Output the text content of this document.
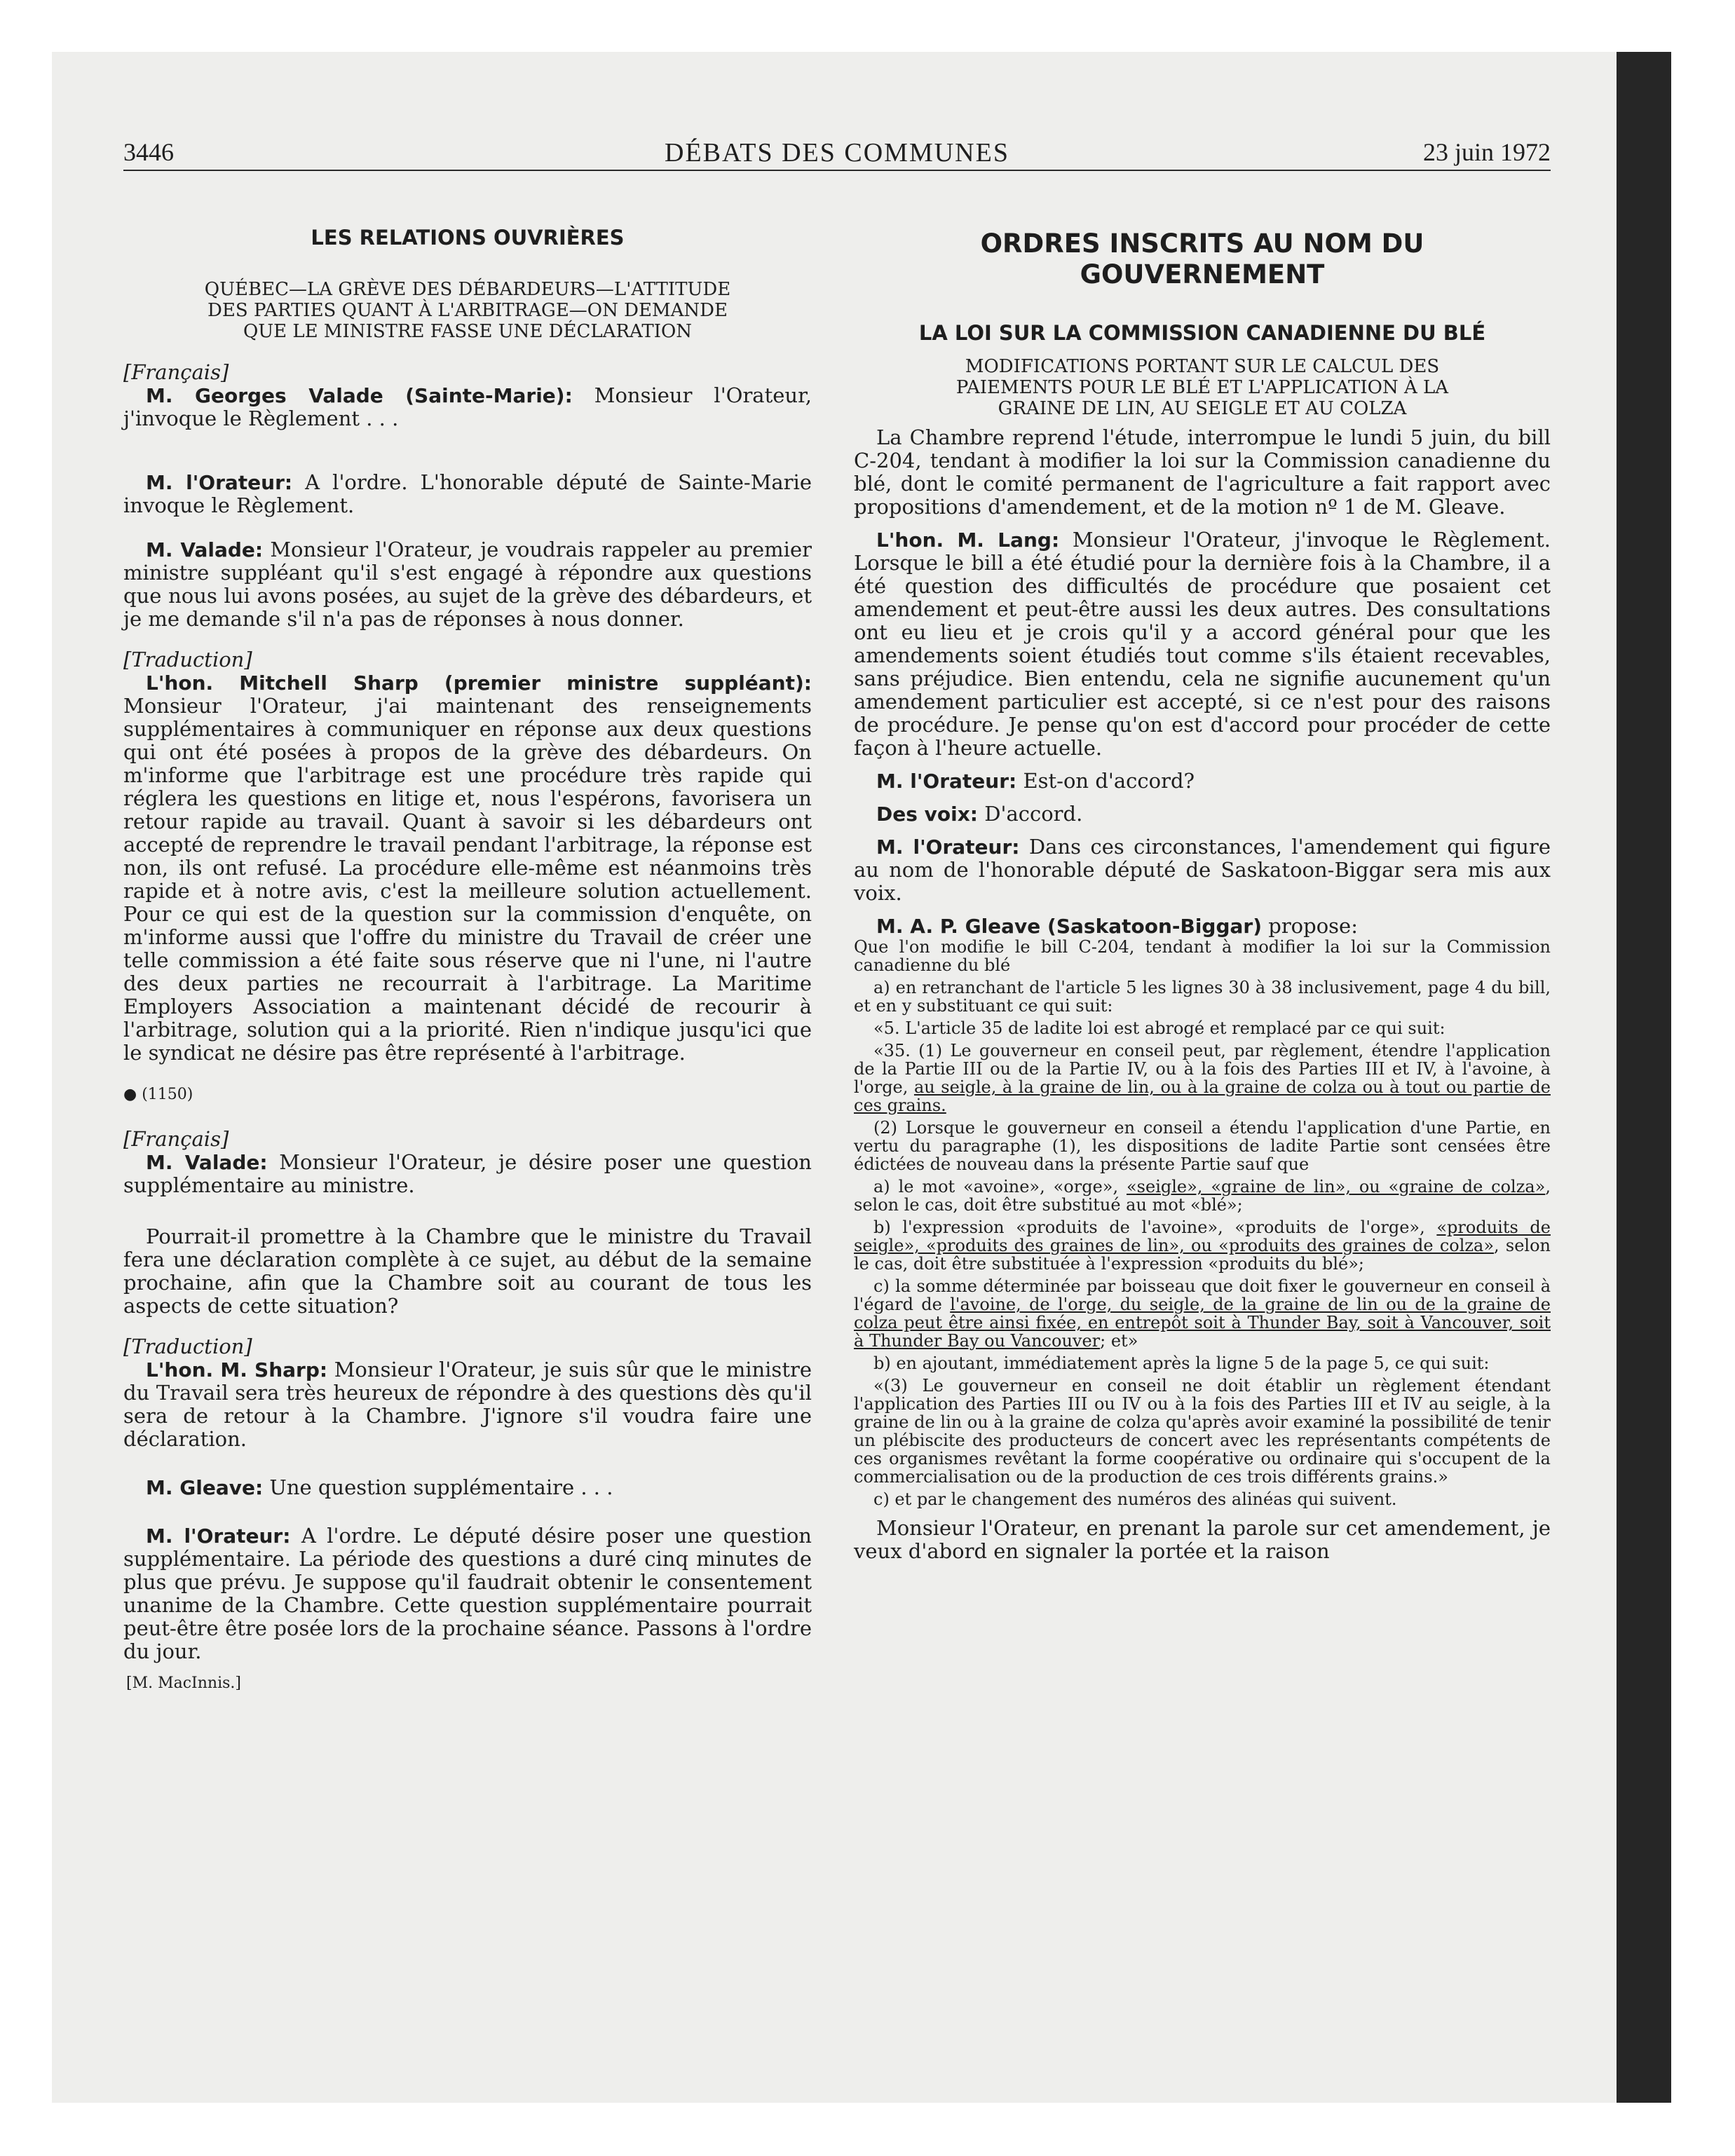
3446	DÉBATS DES COMMUNES	23 juin 1972

LES RELATIONS OUVRIÈRES

QUÉBEC—LA GRÈVE DES DÉBARDEURS—L'ATTITUDE

DES PARTIES QUANT À L'ARBITRAGE—ON DEMANDE

QUE LE MINISTRE FASSE UNE DÉCLARATION

[Français]

M. Georges Valade (Sainte-Marie): Monsieur l'Orateur, j'invoque le Règlement . . .

M. l'Orateur: A l'ordre. L'honorable député de Sainte-Marie invoque le Règlement.

M. Valade: Monsieur l'Orateur, je voudrais rappeler au premier ministre suppléant qu'il s'est engagé à répondre aux questions que nous lui avons posées, au sujet de la grève des débardeurs, et je me demande s'il n'a pas de réponses à nous donner.

[Traduction]

L'hon. Mitchell Sharp (premier ministre suppléant): Monsieur l'Orateur, j'ai maintenant des renseignements supplémentaires à communiquer en réponse aux deux questions qui ont été posées à propos de la grève des débardeurs. On m'informe que l'arbitrage est une procédure très rapide qui réglera les questions en litige et, nous l'espérons, favorisera un retour rapide au travail. Quant à savoir si les débardeurs ont accepté de reprendre le travail pendant l'arbitrage, la réponse est non, ils ont refusé. La procédure elle-même est néanmoins très rapide et à notre avis, c'est la meilleure solution actuellement. Pour ce qui est de la question sur la commission d'enquête, on m'informe aussi que l'offre du ministre du Travail de créer une telle commission a été faite sous réserve que ni l'une, ni l'autre des deux parties ne recourrait à l'arbitrage. La Maritime Employers Association a maintenant décidé de recourir à l'arbitrage, solution qui a la priorité. Rien n'indique jusqu'ici que le syndicat ne désire pas être représenté à l'arbitrage.

● (1150)

[Français]

M. Valade: Monsieur l'Orateur, je désire poser une question supplémentaire au ministre.

Pourrait-il promettre à la Chambre que le ministre du Travail fera une déclaration complète à ce sujet, au début de la semaine prochaine, afin que la Chambre soit au courant de tous les aspects de cette situation?

[Traduction]

L'hon. M. Sharp: Monsieur l'Orateur, je suis sûr que le ministre du Travail sera très heureux de répondre à des questions dès qu'il sera de retour à la Chambre. J'ignore s'il voudra faire une déclaration.

M. Gleave: Une question supplémentaire . . .

M. l'Orateur: A l'ordre. Le député désire poser une question supplémentaire. La période des questions a duré cinq minutes de plus que prévu. Je suppose qu'il faudrait obtenir le consentement unanime de la Chambre. Cette question supplémentaire pourrait peut-être être posée lors de la prochaine séance. Passons à l'ordre du jour.

[M. MacInnis.]

ORDRES INSCRITS AU NOM DU

GOUVERNEMENT

LA LOI SUR LA COMMISSION CANADIENNE DU BLÉ

MODIFICATIONS PORTANT SUR LE CALCUL DES

PAIEMENTS POUR LE BLÉ ET L'APPLICATION À LA

GRAINE DE LIN, AU SEIGLE ET AU COLZA

La Chambre reprend l'étude, interrompue le lundi 5 juin, du bill C-204, tendant à modifier la loi sur la Commission canadienne du blé, dont le comité permanent de l'agriculture a fait rapport avec propositions d'amendement, et de la motion nº 1 de M. Gleave.

L'hon. M. Lang: Monsieur l'Orateur, j'invoque le Règlement. Lorsque le bill a été étudié pour la dernière fois à la Chambre, il a été question des difficultés de procédure que posaient cet amendement et peut-être aussi les deux autres. Des consultations ont eu lieu et je crois qu'il y a accord général pour que les amendements soient étudiés tout comme s'ils étaient recevables, sans préjudice. Bien entendu, cela ne signifie aucunement qu'un amendement particulier est accepté, si ce n'est pour des raisons de procédure. Je pense qu'on est d'accord pour procéder de cette façon à l'heure actuelle.

M. l'Orateur: Est-on d'accord?

Des voix: D'accord.

M. l'Orateur: Dans ces circonstances, l'amendement qui figure au nom de l'honorable député de Saskatoon-Biggar sera mis aux voix.

M. A. P. Gleave (Saskatoon-Biggar) propose:

Que l'on modifie le bill C-204, tendant à modifier la loi sur la Commission canadienne du blé

a) en retranchant de l'article 5 les lignes 30 à 38 inclusivement, page 4 du bill, et en y substituant ce qui suit:

«5. L'article 35 de ladite loi est abrogé et remplacé par ce qui suit:

«35. (1) Le gouverneur en conseil peut, par règlement, étendre l'application de la Partie III ou de la Partie IV, ou à la fois des Parties III et IV, à l'avoine, à l'orge, au seigle, à la graine de lin, ou à la graine de colza ou à tout ou partie de ces grains.

(2) Lorsque le gouverneur en conseil a étendu l'application d'une Partie, en vertu du paragraphe (1), les dispositions de ladite Partie sont censées être édictées de nouveau dans la présente Partie sauf que

a) le mot «avoine», «orge», «seigle», «graine de lin», ou «graine de colza», selon le cas, doit être substitué au mot «blé»;

b) l'expression «produits de l'avoine», «produits de l'orge», «produits de seigle», «produits des graines de lin», ou «produits des graines de colza», selon le cas, doit être substituée à l'expression «produits du blé»;

c) la somme déterminée par boisseau que doit fixer le gouverneur en conseil à l'égard de l'avoine, de l'orge, du seigle, de la graine de lin ou de la graine de colza peut être ainsi fixée, en entrepôt soit à Thunder Bay, soit à Vancouver, soit à Thunder Bay ou Vancouver; et»

b) en ajoutant, immédiatement après la ligne 5 de la page 5, ce qui suit:

«(3) Le gouverneur en conseil ne doit établir un règlement étendant l'application des Parties III ou IV ou à la fois des Parties III et IV au seigle, à la graine de lin ou à la graine de colza qu'après avoir examiné la possibilité de tenir un plébiscite des producteurs de concert avec les représentants compétents de ces organismes revêtant la forme coopérative ou ordinaire qui s'occupent de la commercialisation ou de la production de ces trois différents grains.»

c) et par le changement des numéros des alinéas qui suivent.

Monsieur l'Orateur, en prenant la parole sur cet amendement, je veux d'abord en signaler la portée et la raison
